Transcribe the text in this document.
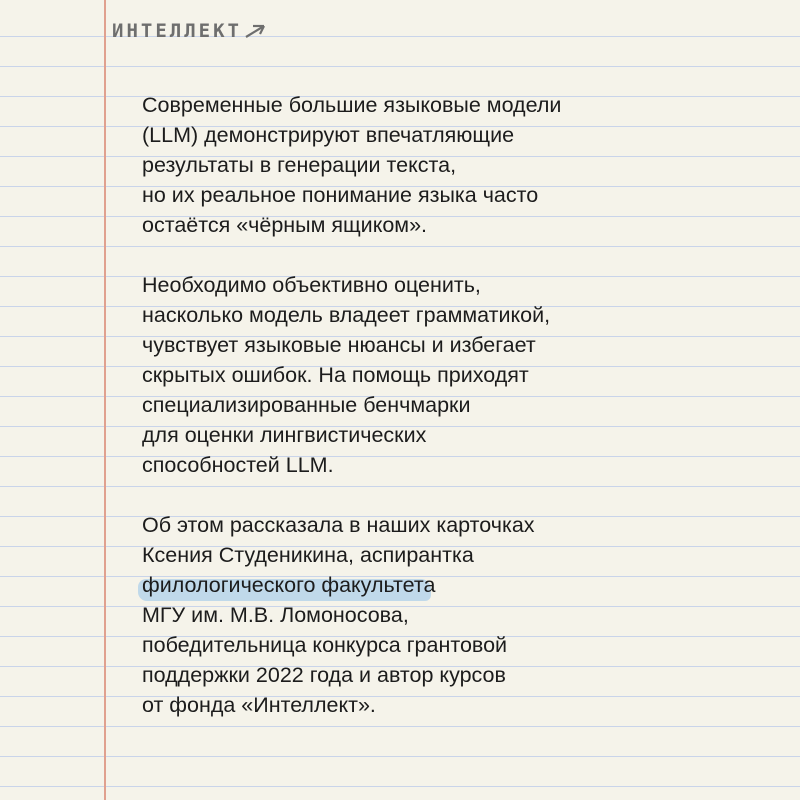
ИНТЕЛЛЕКТ

Современные большие языковые модели
(LLM) демонстрируют впечатляющие
результаты в генерации текста,
но их реальное понимание языка часто
остаётся «чёрным ящиком».

Необходимо объективно оценить,
насколько модель владеет грамматикой,
чувствует языковые нюансы и избегает
скрытых ошибок. На помощь приходят
специализированные бенчмарки
для оценки лингвистических
способностей LLM.

Об этом рассказала в наших карточках
Ксения Студеникина, аспирантка
филологического факультета
МГУ им. М.В. Ломоносова,
победительница конкурса грантовой
поддержки 2022 года и автор курсов
от фонда «Интеллект».
